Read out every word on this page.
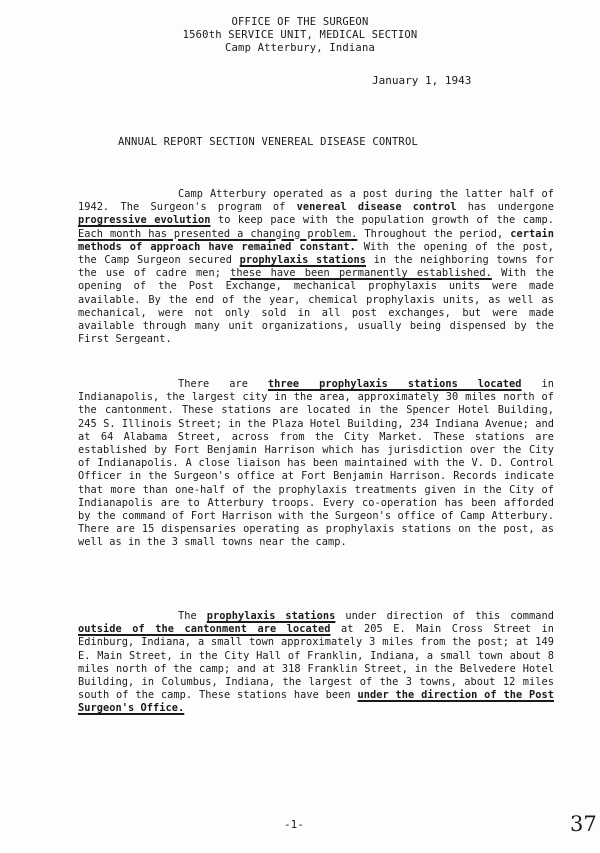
OFFICE OF THE SURGEON
1560th SERVICE UNIT, MEDICAL SECTION
Camp Atterbury, Indiana
January 1, 1943
ANNUAL REPORT SECTION VENEREAL DISEASE CONTROL

Camp Atterbury operated as a post during the latter half of 1942. The Surgeon's program of venereal disease control has undergone progressive evolution to keep pace with the population growth of the camp. Each month has presented a changing problem. Throughout the period, certain methods of approach have remained constant. With the opening of the post, the Camp Surgeon secured prophylaxis stations in the neighboring towns for the use of cadre men; these have been permanently established. With the opening of the Post Exchange, mechanical prophylaxis units were made available. By the end of the year, chemical prophylaxis units, as well as mechanical, were not only sold in all post exchanges, but were made available through many unit organizations, usually being dispensed by the First Sergeant.

There are three prophylaxis stations located in Indianapolis, the largest city in the area, approximately 30 miles north of the cantonment. These stations are located in the Spencer Hotel Building, 245 S. Illinois Street; in the Plaza Hotel Building, 234 Indiana Avenue; and at 64 Alabama Street, across from the City Market. These stations are established by Fort Benjamin Harrison which has jurisdiction over the City of Indianapolis. A close liaison has been maintained with the V. D. Control Officer in the Surgeon's office at Fort Benjamin Harrison. Records indicate that more than one-half of the prophylaxis treatments given in the City of Indianapolis are to Atterbury troops. Every co-operation has been afforded by the command of Fort Harrison with the Surgeon's office of Camp Atterbury. There are 15 dispensaries operating as prophylaxis stations on the post, as well as in the 3 small towns near the camp.

The prophylaxis stations under direction of this command outside of the cantonment are located at 205 E. Main Cross Street in Edinburg, Indiana, a small town approximately 3 miles from the post; at 149 E. Main Street, in the City Hall of Franklin, Indiana, a small town about 8 miles north of the camp; and at 318 Franklin Street, in the Belvedere Hotel Building, in Columbus, Indiana, the largest of the 3 towns, about 12 miles south of the camp. These stations have been under the direction of the Post Surgeon's Office.

-1-	37
